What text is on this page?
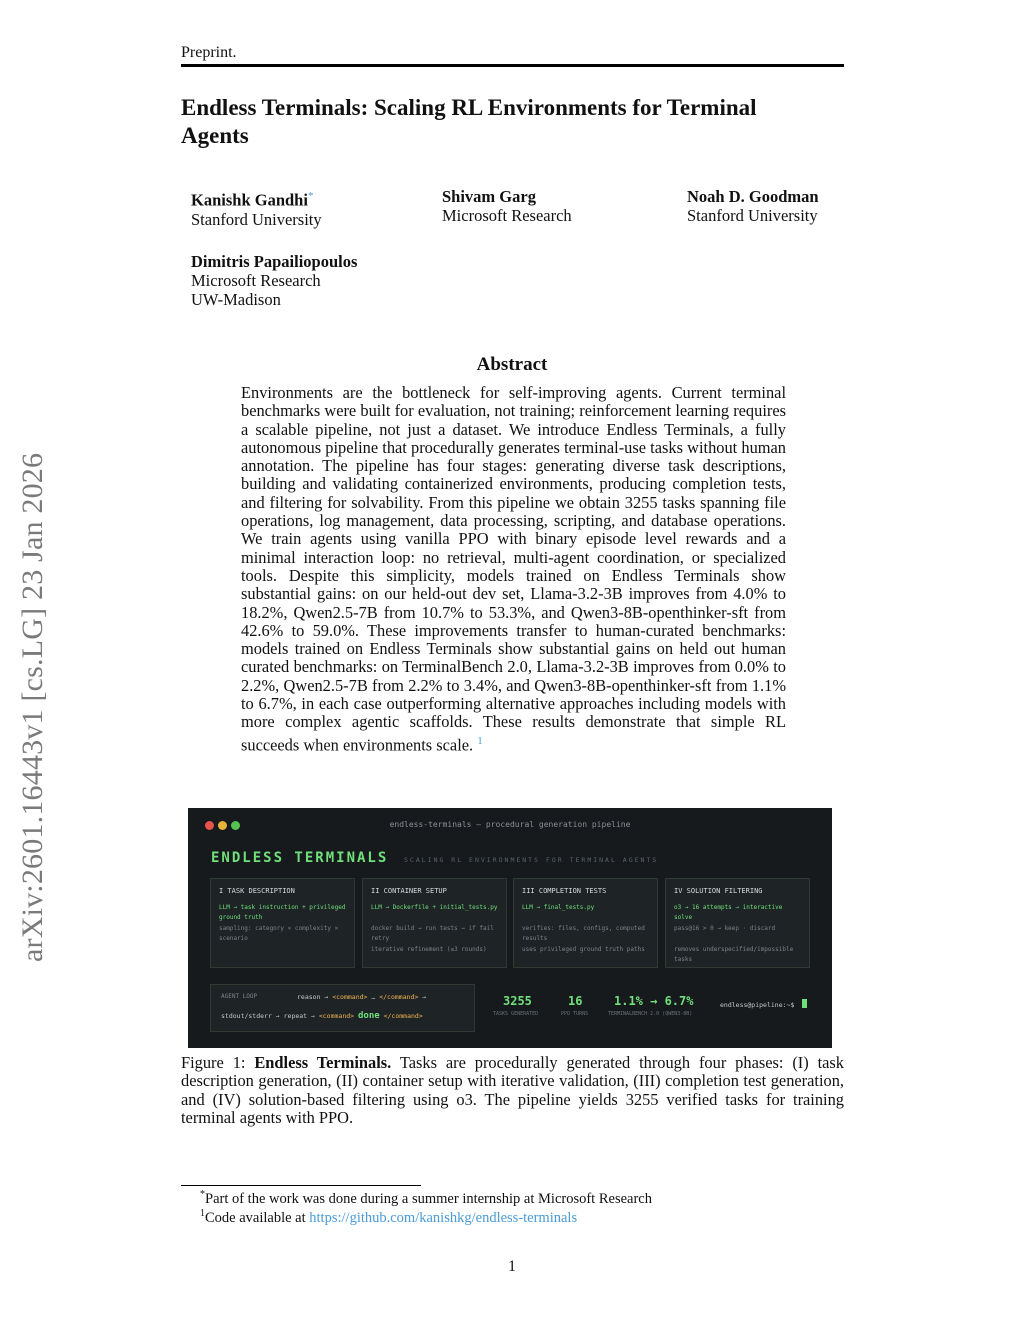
Preprint.
Endless Terminals: Scaling RL Environments for Terminal Agents
Kanishk Gandhi*
Stanford University
Shivam Garg
Microsoft Research
Noah D. Goodman
Stanford University
Dimitris Papailiopoulos
Microsoft Research
UW-Madison
arXiv:2601.16443v1 [cs.LG] 23 Jan 2026
Abstract
Environments are the bottleneck for self-improving agents. Current terminal benchmarks were built for evaluation, not training; reinforcement learning requires a scalable pipeline, not just a dataset. We introduce Endless Terminals, a fully autonomous pipeline that procedurally generates terminal-use tasks without human annotation. The pipeline has four stages: generating diverse task descriptions, building and validating containerized environments, producing completion tests, and filtering for solvability. From this pipeline we obtain 3255 tasks spanning file operations, log management, data processing, scripting, and database operations. We train agents using vanilla PPO with binary episode level rewards and a minimal interaction loop: no retrieval, multi-agent coordination, or specialized tools. Despite this simplicity, models trained on Endless Terminals show substantial gains: on our held-out dev set, Llama-3.2-3B improves from 4.0% to 18.2%, Qwen2.5-7B from 10.7% to 53.3%, and Qwen3-8B-openthinker-sft from 42.6% to 59.0%. These improvements transfer to human-curated benchmarks: models trained on Endless Terminals show substantial gains on held out human curated benchmarks: on TerminalBench 2.0, Llama-3.2-3B improves from 0.0% to 2.2%, Qwen2.5-7B from 2.2% to 3.4%, and Qwen3-8B-openthinker-sft from 1.1% to 6.7%, in each case outperforming alternative approaches including models with more complex agentic scaffolds. These results demonstrate that simple RL succeeds when environments scale. $^1$
endless-terminals — procedural generation pipeline
ENDLESS TERMINALS SCALING RL ENVIRONMENTS FOR TERMINAL AGENTS
I TASK DESCRIPTION
LLM → task instruction + privileged ground truth
sampling: category × complexity × scenario
II CONTAINER SETUP
LLM → Dockerfile + initial_tests.py
docker build → run tests → if fail retry
iterative refinement (≤3 rounds)
III COMPLETION TESTS
LLM → final_tests.py
verifies: files, configs, computed results
uses privileged ground truth paths
IV SOLUTION FILTERING
o3 → 16 attempts → interactive solve
pass@16 > 0 → keep · discard
removes underspecified/impossible tasks
AGENT LOOP	reason → <command> … </command> →
stdout/stderr → repeat → <command> done </command>
3255
TASKS GENERATED
16
PPO TURNS
1.1% → 6.7%
TERMINALBENCH 2.0 (QWEN3-8B)
endless@pipeline:~$
Figure 1: Endless Terminals. Tasks are procedurally generated through four phases: (I) task description generation, (II) container setup with iterative validation, (III) completion test generation, and (IV) solution-based filtering using o3. The pipeline yields 3255 verified tasks for training terminal agents with PPO.
*Part of the work was done during a summer internship at Microsoft Research
$^1$Code available at https://github.com/kanishkg/endless-terminals
1
